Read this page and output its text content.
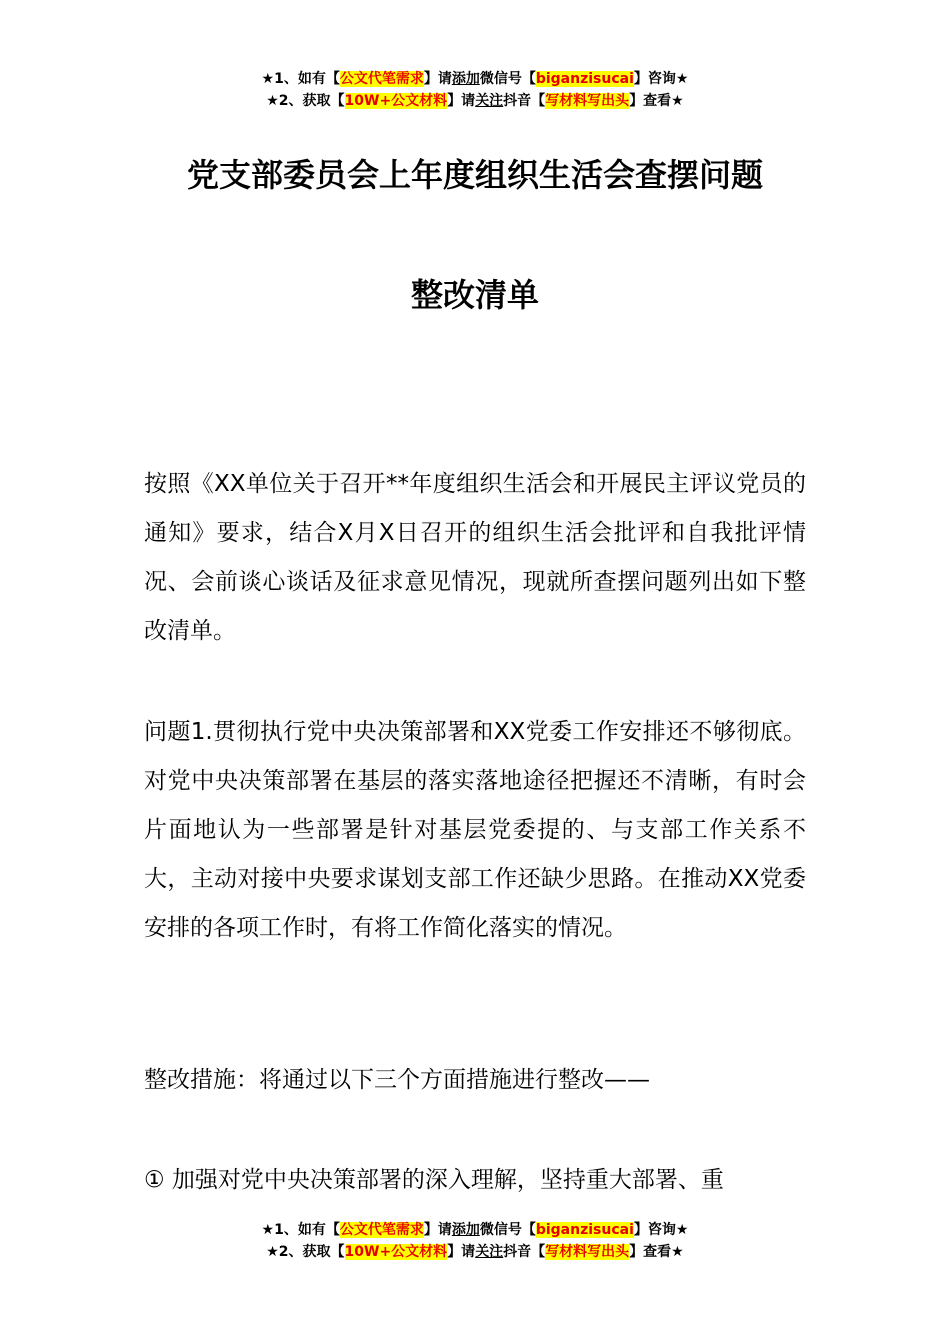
★1、如有【公文代笔需求】请添加微信号【biganzisucai】咨询★
★2、获取【10W+公文材料】请关注抖音【写材料写出头】查看★
党支部委员会上年度组织生活会查摆问题
整改清单
按照《XX单位关于召开**年度组织生活会和开展民主评议党员的通知》要求，结合X月X日召开的组织生活会批评和自我批评情况、会前谈心谈话及征求意见情况，现就所查摆问题列出如下整改清单。
问题1.贯彻执行党中央决策部署和XX党委工作安排还不够彻底。对党中央决策部署在基层的落实落地途径把握还不清晰，有时会片面地认为一些部署是针对基层党委提的、与支部工作关系不大，主动对接中央要求谋划支部工作还缺少思路。在推动XX党委安排的各项工作时，有将工作简化落实的情况。
整改措施：将通过以下三个方面措施进行整改——
① 加强对党中央决策部署的深入理解，坚持重大部署、重
★1、如有【公文代笔需求】请添加微信号【biganzisucai】咨询★
★2、获取【10W+公文材料】请关注抖音【写材料写出头】查看★
